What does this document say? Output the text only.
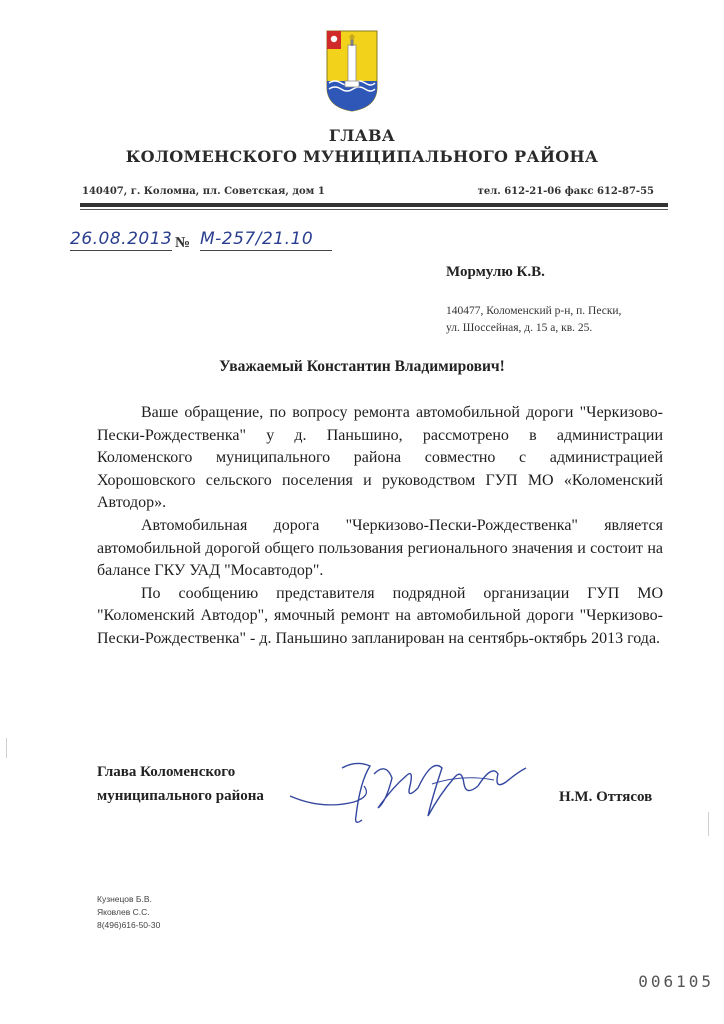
ГЛАВА
КОЛОМЕНСКОГО МУНИЦИПАЛЬНОГО РАЙОНА
140407, г. Коломна, пл. Советская, дом 1	тел. 612-21-06 факс 612-87-55
26.08.2013 № М-257/21.10
Мормулю К.В.
140477, Коломенский р-н, п. Пески,
ул. Шоссейная, д. 15 а, кв. 25.
Уважаемый Константин Владимирович!

Ваше обращение, по вопросу ремонта автомобильной дороги "Черкизово-Пески-Рождественка" у д. Паньшино, рассмотрено в администрации Коломенского муниципального района совместно с администрацией Хорошовского сельского поселения и руководством ГУП МО «Коломенский Автодор».

Автомобильная дорога "Черкизово-Пески-Рождественка" является автомобильной дорогой общего пользования регионального значения и состоит на балансе ГКУ УАД "Мосавтодор".

По сообщению представителя подрядной организации ГУП МО "Коломенский Автодор", ямочный ремонт на автомобильной дороги "Черкизово-Пески-Рождественка" - д. Паньшино запланирован на сентябрь-октябрь 2013 года.

Глава Коломенского
муниципального района	Н.М. Оттясов
Кузнецов Б.В.
Яковлев С.С.
8(496)616-50-30
006105
